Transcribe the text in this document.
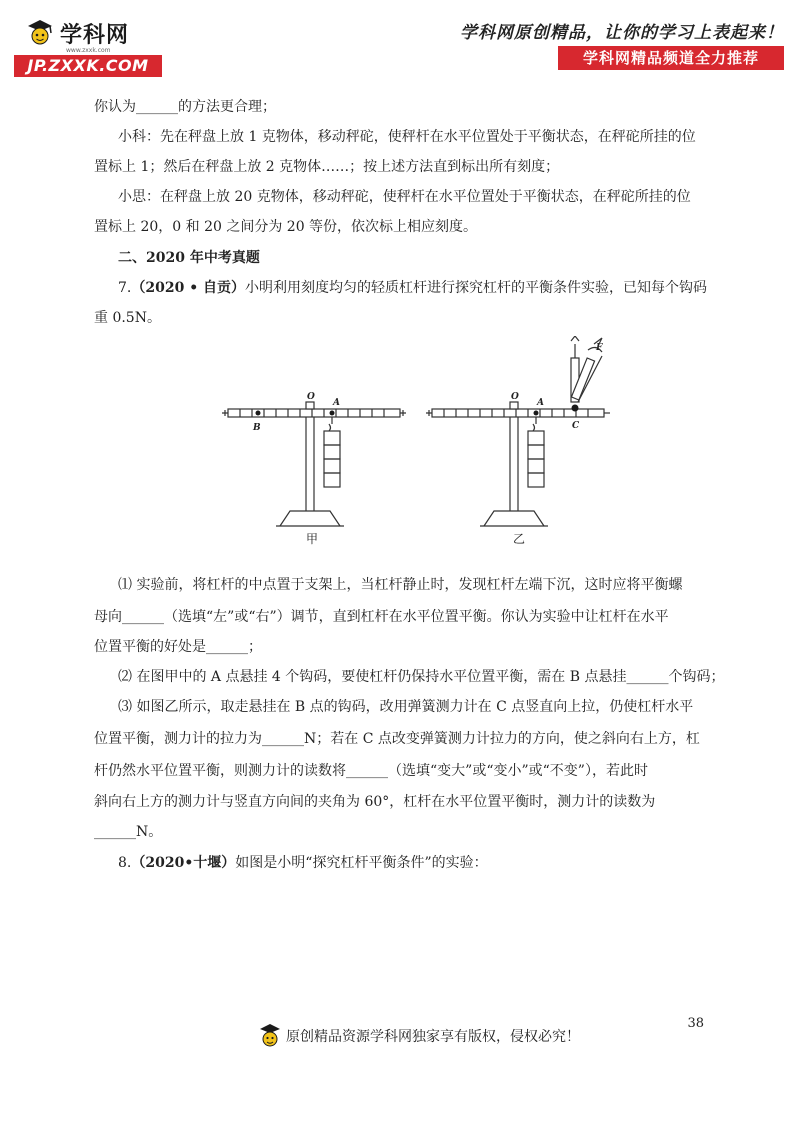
学科网
www.zxxk.com
JP.ZXXK.COM
学科网原创精品，让你的学习上表起来！
学科网精品频道全力推荐
你认为______的方法更合理；
小科：先在秤盘上放 1 克物体，移动秤砣，使秤杆在水平位置处于平衡状态，在秤砣所挂的位
置标上 1；然后在秤盘上放 2 克物体……；按上述方法直到标出所有刻度；
小思：在秤盘上放 20 克物体，移动秤砣，使秤杆在水平位置处于平衡状态，在秤砣所挂的位
置标上 20，0 和 20 之间分为 20 等份，依次标上相应刻度。
二、2020 年中考真题
7.（2020 • 自贡）小明利用刻度均匀的轻质杠杆进行探究杠杆的平衡条件实验，已知每个钩码
重 0.5N。
O
A
B
O
A
C
F
甲	乙
⑴ 实验前，将杠杆的中点置于支架上，当杠杆静止时，发现杠杆左端下沉，这时应将平衡螺
母向______（选填“左”或“右”）调节，直到杠杆在水平位置平衡。你认为实验中让杠杆在水平
位置平衡的好处是______；
⑵ 在图甲中的 A 点悬挂 4 个钩码，要使杠杆仍保持水平位置平衡，需在 B 点悬挂______个钩码；
⑶ 如图乙所示，取走悬挂在 B 点的钩码，改用弹簧测力计在 C 点竖直向上拉，仍使杠杆水平
位置平衡，测力计的拉力为______N；若在 C 点改变弹簧测力计拉力的方向，使之斜向右上方，杠
杆仍然水平位置平衡，则测力计的读数将______（选填“变大”或“变小”或“不变”），若此时
斜向右上方的测力计与竖直方向间的夹角为 60°，杠杆在水平位置平衡时，测力计的读数为
______N。
8.（2020•十堰）如图是小明“探究杠杆平衡条件”的实验：
38
原创精品资源学科网独家享有版权，侵权必究！
